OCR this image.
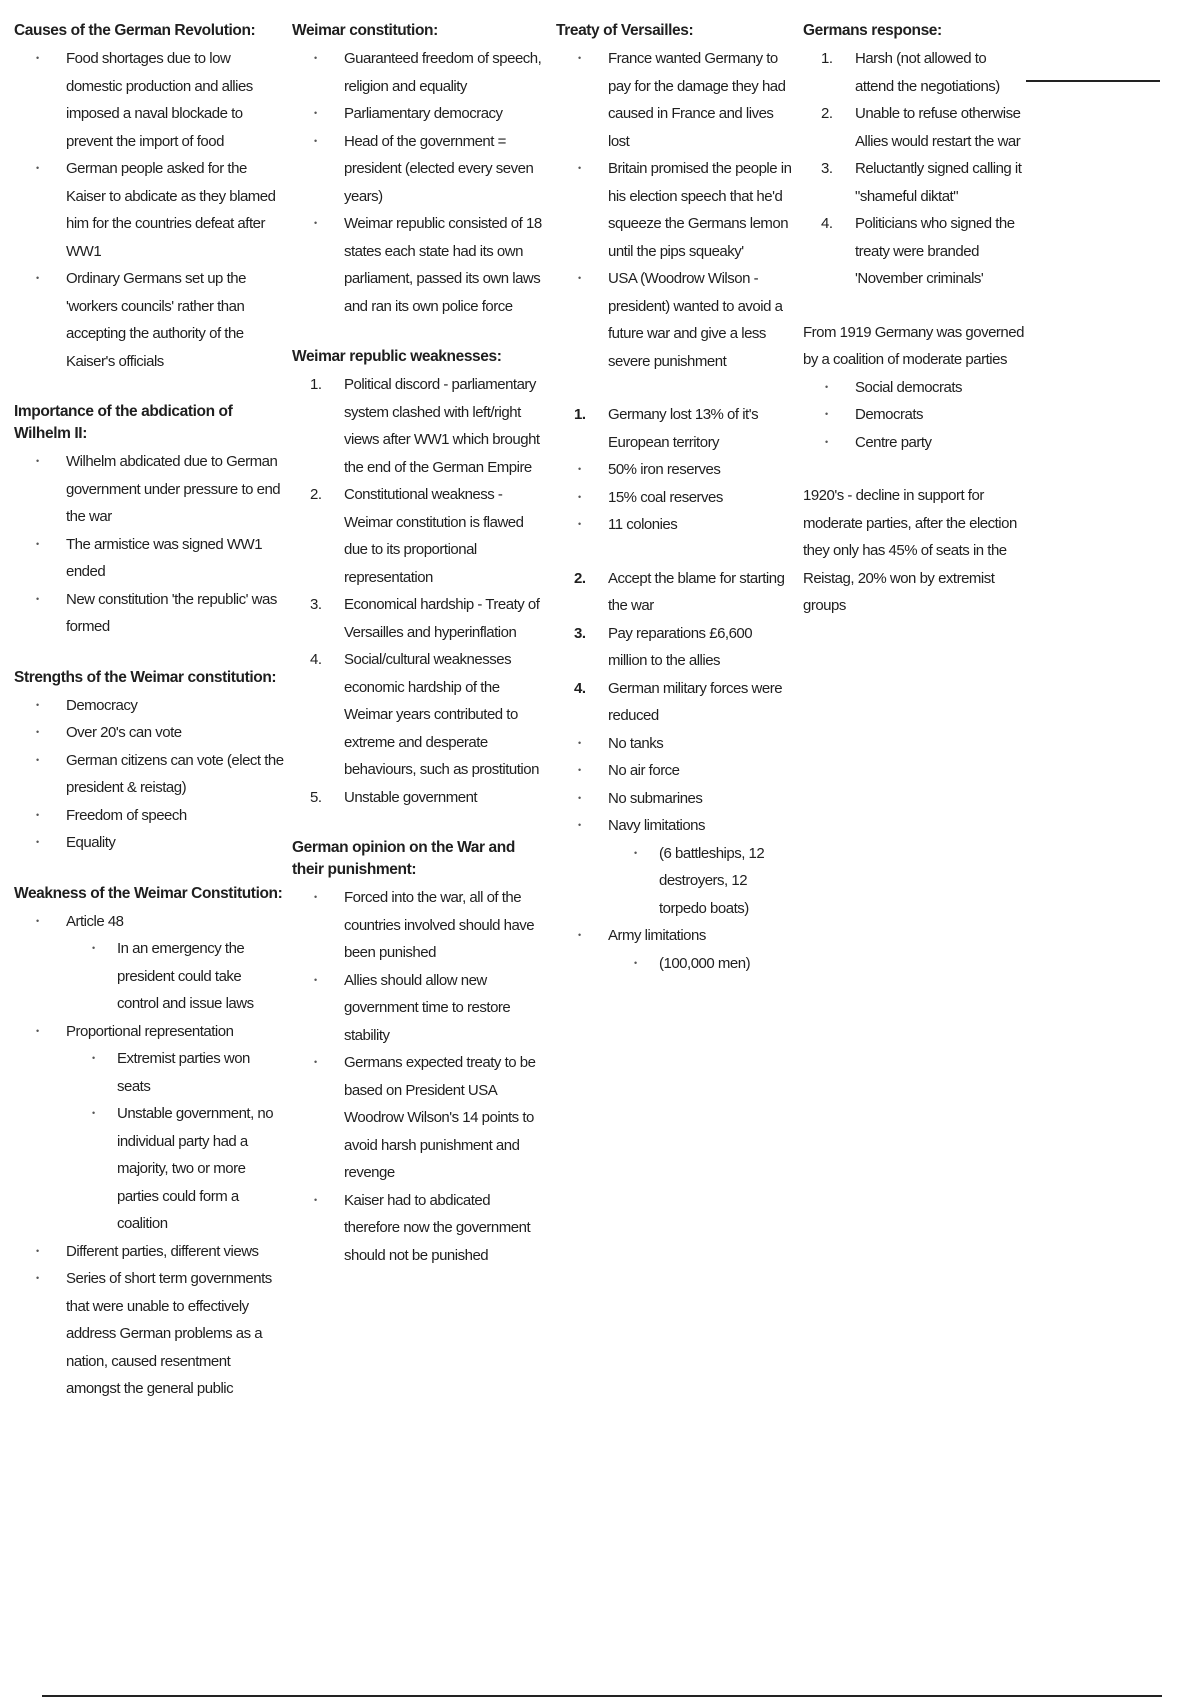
Causes of the German Revolution:
• Food shortages due to low domestic production and allies imposed a naval blockade to prevent the import of food
• German people asked for the Kaiser to abdicate as they blamed him for the countries defeat after WW1
• Ordinary Germans set up the 'workers councils' rather than accepting the authority of the Kaiser's officials
Importance of the abdication of Wilhelm II:
• Wilhelm abdicated due to German government under pressure to end the war
• The armistice was signed WW1 ended
• New constitution 'the republic' was formed
Strengths of the Weimar constitution:
• Democracy
• Over 20's can vote
• German citizens can vote (elect the president & reistag)
• Freedom of speech
• Equality
Weakness of the Weimar Constitution:
• Article 48
• In an emergency the president could take control and issue laws
• Proportional representation
• Extremist parties won seats
• Unstable government, no individual party had a majority, two or more parties could form a coalition
• Different parties, different views
• Series of short term governments that were unable to effectively address German problems as a nation, caused resentment amongst the general public
Weimar constitution:
• Guaranteed freedom of speech, religion and equality
• Parliamentary democracy
• Head of the government = president (elected every seven years)
• Weimar republic consisted of 18 states each state had its own parliament, passed its own laws and ran its own police force
Weimar republic weaknesses:
1. Political discord - parliamentary system clashed with left/right views after WW1 which brought the end of the German Empire
2. Constitutional weakness - Weimar constitution is flawed due to its proportional representation
3. Economical hardship - Treaty of Versailles and hyperinflation
4. Social/cultural weaknesses economic hardship of the Weimar years contributed to extreme and desperate behaviours, such as prostitution
5. Unstable government
German opinion on the War and their punishment:
• Forced into the war, all of the countries involved should have been punished
• Allies should allow new government time to restore stability
• Germans expected treaty to be based on President USA Woodrow Wilson's 14 points to avoid harsh punishment and revenge
• Kaiser had to abdicated therefore now the government should not be punished
Treaty of Versailles:
• France wanted Germany to pay for the damage they had caused in France and lives lost
• Britain promised the people in his election speech that he'd squeeze the Germans lemon until the pips squeaky'
• USA (Woodrow Wilson - president) wanted to avoid a future war and give a less severe punishment
1. Germany lost 13% of it's European territory
• 50% iron reserves
• 15% coal reserves
• 11 colonies
2. Accept the blame for starting the war
3. Pay reparations £6,600 million to the allies
4. German military forces were reduced
• No tanks
• No air force
• No submarines
• Navy limitations
• (6 battleships, 12 destroyers, 12 torpedo boats)
• Army limitations
• (100,000 men)
Germans response:
1. Harsh (not allowed to attend the negotiations)
2. Unable to refuse otherwise Allies would restart the war
3. Reluctantly signed calling it "shameful diktat"
4. Politicians who signed the treaty were branded 'November criminals'
From 1919 Germany was governed by a coalition of moderate parties
• Social democrats
• Democrats
• Centre party
1920's - decline in support for moderate parties, after the election they only has 45% of seats in the Reistag, 20% won by extremist groups
